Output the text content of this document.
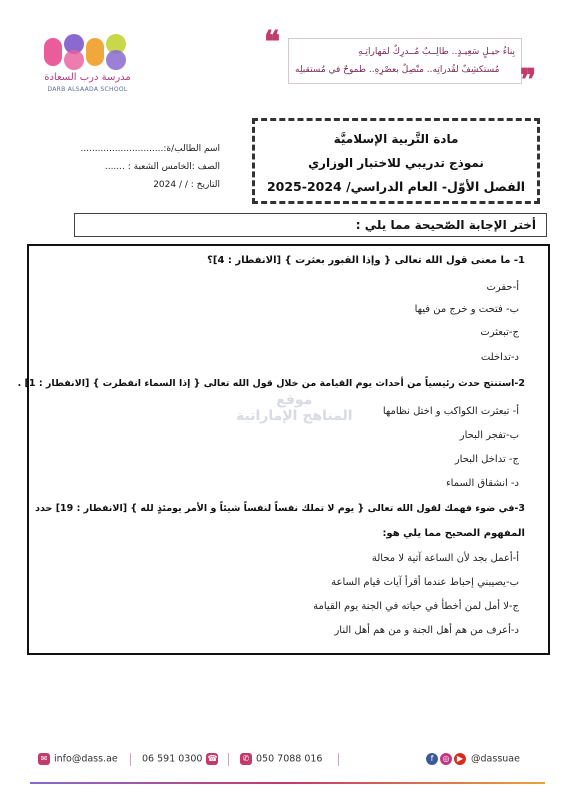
مدرسة درب السعادة
DARB ALSAADA SCHOOL
❝	بِناءُ جيـلٍ سَعِيـدٍ.. طالِــبٌ مُــدرِكٌ لمَهاراتِـهِ
مُستكشِفٌ لقُدراتِه.. متّصِلٌ بعصْرِهِ.. طموحٌ في مُستقبلِه ❞
اسم الطالب/ة:.............................
الصف :الخامس الشعبة : .......
التاريخ : / / 2024
مادة التَّربية الإسلاميَّة
نموذج تدريبي للاختبار الوزاري
الفصل الأوّل- العام الدراسي/ 2024-2025
أختر الإجابة الصّحيحة مما يلي :
1- ما معنى قول الله تعالى { وإذا القبور بعثرت } [الانفطار : 4]؟
أ-حفرت
ب- فتحت و خرج من فيها
ج-تبعثرت
د-تداخلت
2-استنتج حدث رئيسياً من أحداث يوم القيامة من خلال قول الله تعالى { إذا السماء انفطرت } [الانفطار : 1] .
أ- تبعثرت الكواكب و اختل نظامها
ب-تفجر البحار
ج- تداخل البحار
د- انشقاق السماء
3-في ضوء فهمك لقول الله تعالى { يوم لا تملك نفساً لنفساً شيئاً و الأمر يومئذٍ لله } [الانفطار : 19] حدد
المفهوم الصحيح مما يلي هو:
أ-أعمل بجد لأن الساعة آتية لا محالة
ب-يصيبني إحباط عندما أقرأ آيات قيام الساعة
ج-لا أمل لمن أخطأ في حياته في الجنة يوم القيامة
د-أعرف من هم أهل الجنة و من هم أهل النار
موقع
المناهج الإماراتية
✉ info@dass.ae	06 591 0300 ☎	✆ 050 7088 016	f ◎ ▶ @dassuae
